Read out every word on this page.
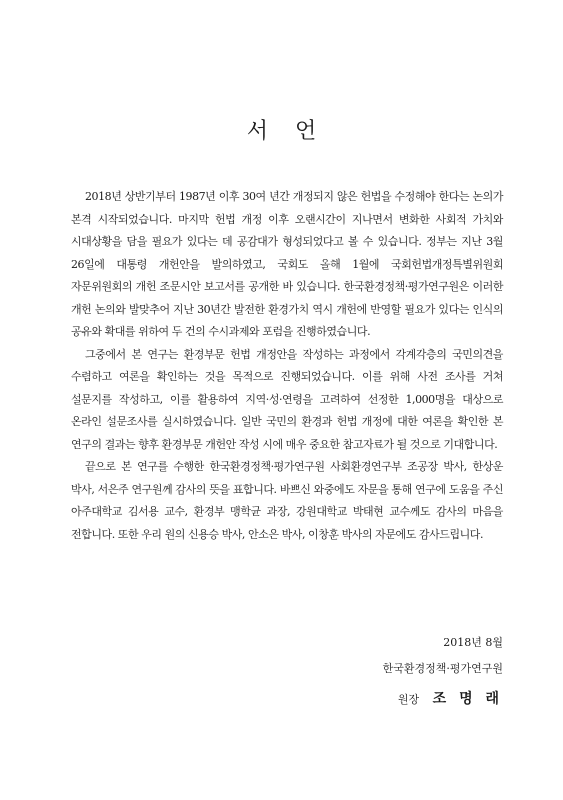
서 언

2018년 상반기부터 1987년 이후 30여 년간 개정되지 않은 헌법을 수정해야 한다는 논의가 본격 시작되었습니다. 마지막 헌법 개정 이후 오랜시간이 지나면서 변화한 사회적 가치와 시대상황을 담을 필요가 있다는 데 공감대가 형성되었다고 볼 수 있습니다. 정부는 지난 3월 26일에 대통령 개헌안을 발의하였고, 국회도 올해 1월에 국회헌법개정특별위원회 자문위원회의 개헌 조문시안 보고서를 공개한 바 있습니다. 한국환경정책·평가연구원은 이러한 개헌 논의와 발맞추어 지난 30년간 발전한 환경가치 역시 개헌에 반영할 필요가 있다는 인식의 공유와 확대를 위하여 두 건의 수시과제와 포럼을 진행하였습니다.

그중에서 본 연구는 환경부문 헌법 개정안을 작성하는 과정에서 각계각층의 국민의견을 수렴하고 여론을 확인하는 것을 목적으로 진행되었습니다. 이를 위해 사전 조사를 거쳐 설문지를 작성하고, 이를 활용하여 지역·성·연령을 고려하여 선정한 1,000명을 대상으로 온라인 설문조사를 실시하였습니다. 일반 국민의 환경과 헌법 개정에 대한 여론을 확인한 본 연구의 결과는 향후 환경부문 개헌안 작성 시에 매우 중요한 참고자료가 될 것으로 기대합니다.

끝으로 본 연구를 수행한 한국환경정책·평가연구원 사회환경연구부 조공장 박사, 한상운 박사, 서은주 연구원께 감사의 뜻을 표합니다. 바쁘신 와중에도 자문을 통해 연구에 도움을 주신 아주대학교 김서용 교수, 환경부 맹학균 과장, 강원대학교 박태현 교수께도 감사의 마음을 전합니다. 또한 우리 원의 신용승 박사, 안소은 박사, 이창훈 박사의 자문에도 감사드립니다.

2018년 8월
한국환경정책·평가연구원
원장 조 명 래
